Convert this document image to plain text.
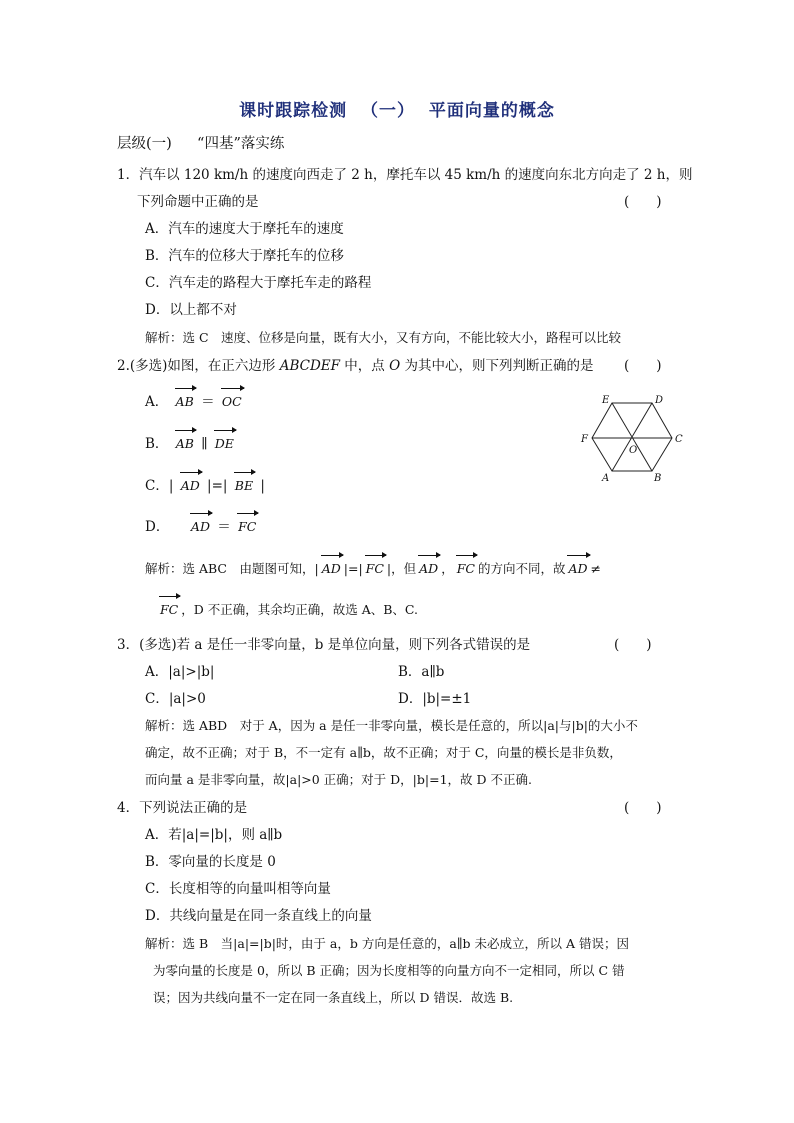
课时跟踪检测  （一）  平面向量的概念
层级(一) “四基”落实练
1．汽车以 120 km/h 的速度向西走了 2 h，摩托车以 45 km/h 的速度向东北方向走了 2 h，则
下列命题中正确的是	(　　)
A．汽车的速度大于摩托车的速度
B．汽车的位移大于摩托车的位移
C．汽车走的路程大于摩托车走的路程
D．以上都不对
解析：选 C　速度、位移是向量，既有大小，又有方向，不能比较大小，路程可以比较
2.(多选)如图，在正六边形 ABCDEF 中，点 O 为其中心，则下列判断正确的是 (　　)
A． AB ＝ OC
B． AB ∥ DE
C．| AD |=| BE |
D． AD ＝ FC
E	D
F	C
O
A	B
解析：选 ABC　由题图可知，| AD |=| FC |，但 AD ， FC 的方向不同，故 AD ≠
FC ，D 不正确，其余均正确，故选 A、B、C.
3．(多选)若 a 是任一非零向量，b 是单位向量，则下列各式错误的是	(　　)
A．|a|>|b|	B．a∥b
C．|a|>0	D．|b|=±1
解析：选 ABD　对于 A，因为 a 是任一非零向量，模长是任意的，所以|a|与|b|的大小不
确定，故不正确；对于 B，不一定有 a∥b，故不正确；对于 C，向量的模长是非负数，
而向量 a 是非零向量，故|a|>0 正确；对于 D，|b|=1，故 D 不正确.
4．下列说法正确的是	(　　)
A．若|a|=|b|，则 a∥b
B．零向量的长度是 0
C．长度相等的向量叫相等向量
D．共线向量是在同一条直线上的向量
解析：选 B　当|a|=|b|时，由于 a，b 方向是任意的，a∥b 未必成立，所以 A 错误；因
为零向量的长度是 0，所以 B 正确；因为长度相等的向量方向不一定相同，所以 C 错
误；因为共线向量不一定在同一条直线上，所以 D 错误．故选 B.
